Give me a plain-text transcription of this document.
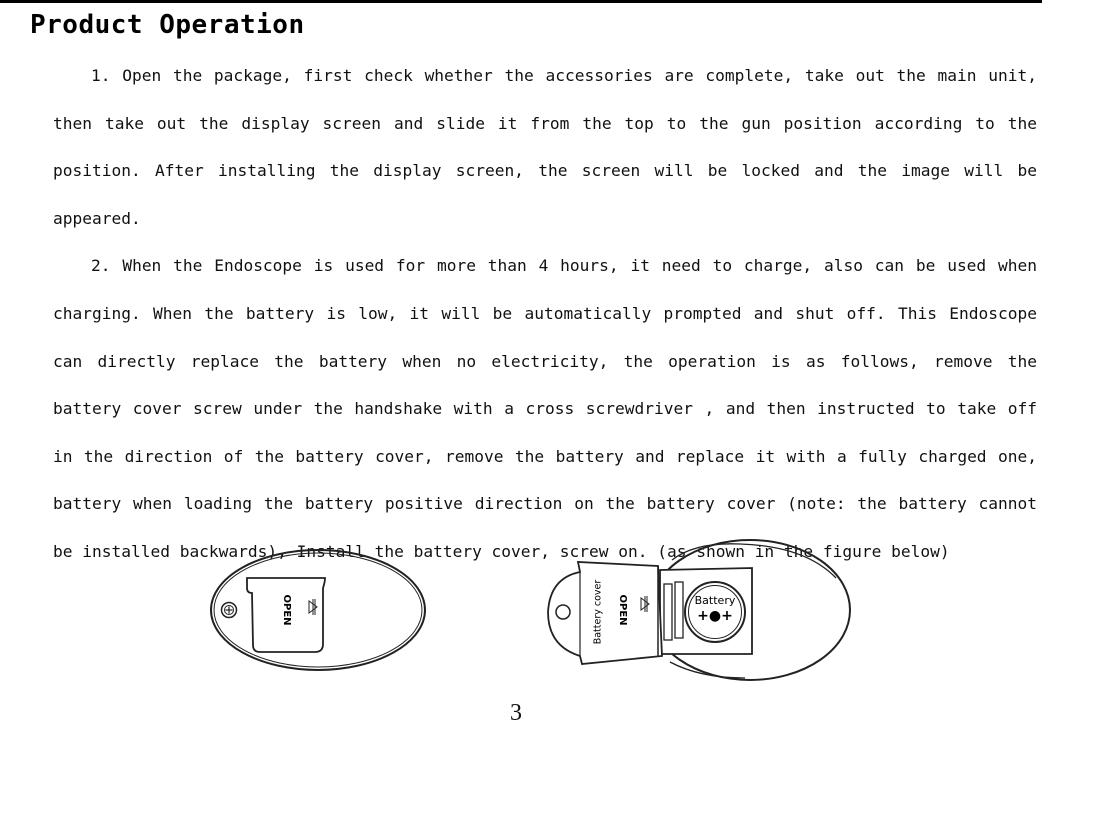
Product Operation

1. Open the package, first check whether the accessories are complete, take out the main unit, then take out the display screen and slide it from the top to the gun position according to the position. After installing the display screen, the screen will be locked and the image will be appeared.

2. When the Endoscope is used for more than 4 hours, it need to charge, also can be used when charging. When the battery is low, it will be automatically prompted and shut off. This Endoscope can directly replace the battery when no electricity, the operation is as follows, remove the battery cover screw under the handshake with a cross screwdriver , and then instructed to take off in the direction of the battery cover, remove the battery and replace it with a fully charged one, battery when loading the battery positive direction on the battery cover (note: the battery cannot be installed backwards), Install the battery cover, screw on. (as shown in the figure below)

OPEN	Battery
+●+
Battery cover OPEN
3
